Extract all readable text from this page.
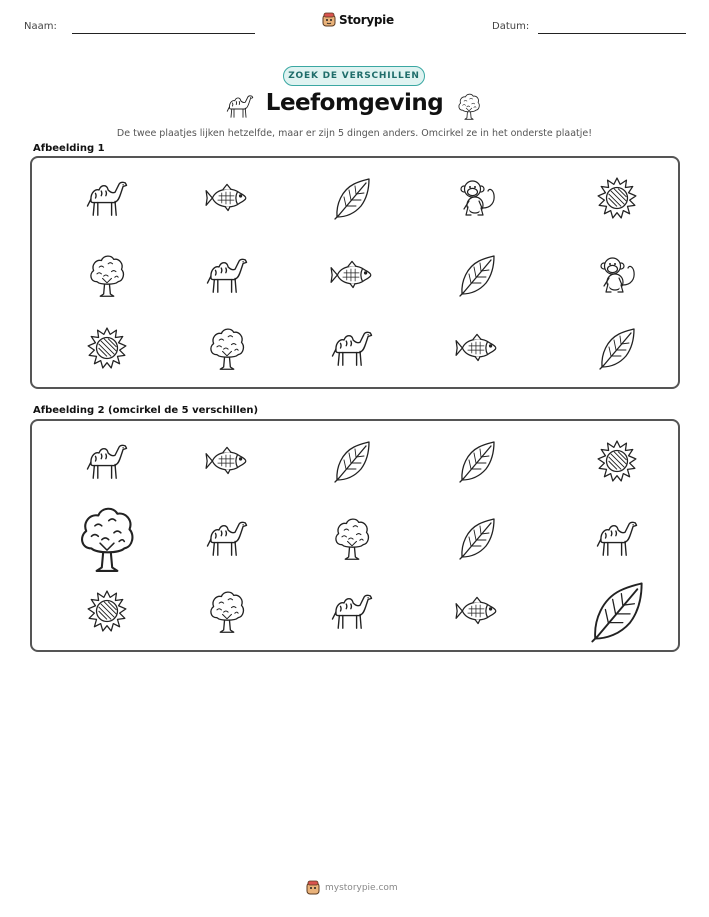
Naam:	Storypie	Datum:
ZOEK DE VERSCHILLEN
Leefomgeving
De twee plaatjes lijken hetzelfde, maar er zijn 5 dingen anders. Omcirkel ze in het onderste plaatje!
Afbeelding 1
Afbeelding 2 (omcirkel de 5 verschillen)
mystorypie.com
